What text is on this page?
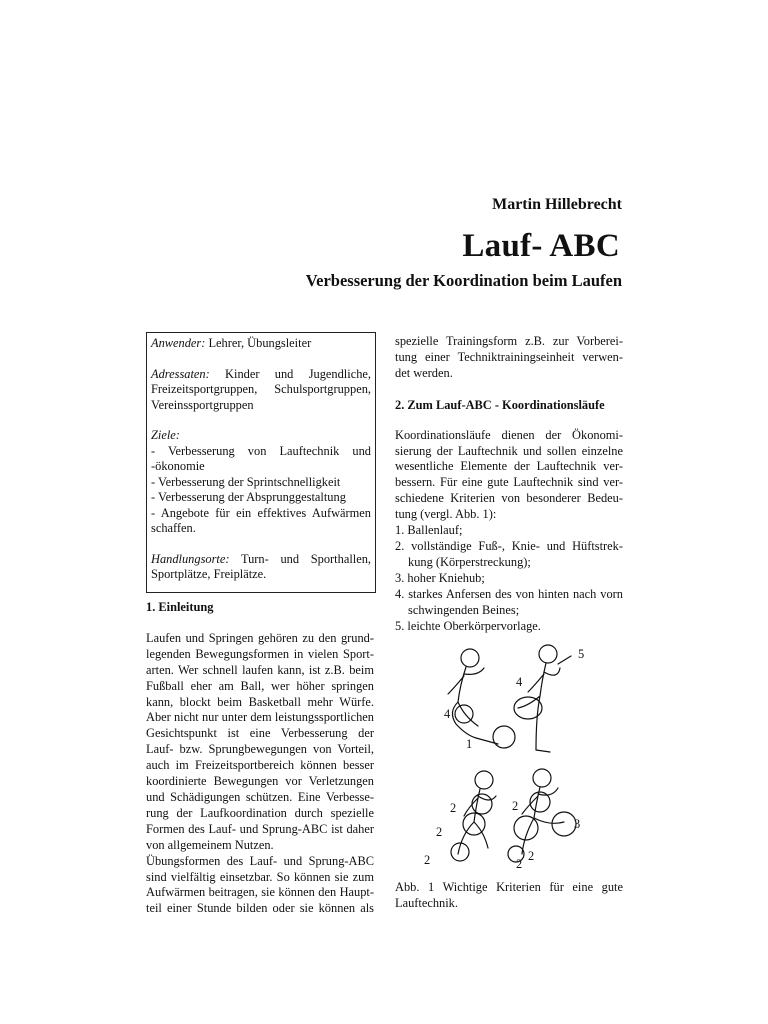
Martin Hillebrecht
Lauf- ABC
Verbesserung der Koordination beim Laufen

Anwender: Lehrer, Übungsleiter

Adressaten: Kinder und Jugendliche,
Freizeitsportgruppen, Schulsportgruppen,
Vereinssportgruppen

Ziele:
- Verbesserung von Lauftechnik und
-ökonomie
- Verbesserung der Sprintschnelligkeit
- Verbesserung der Absprunggestaltung
- Angebote für ein effektives Aufwärmen
schaffen.

Handlungsorte: Turn- und Sporthallen,
Sportplätze, Freiplätze.

1. Einleitung
Laufen und Springen gehören zu den grund-
legenden Bewegungsformen in vielen Sport-
arten. Wer schnell laufen kann, ist z.B. beim
Fußball eher am Ball, wer höher springen
kann, blockt beim Basketball mehr Würfe.
Aber nicht nur unter dem leistungssportlichen
Gesichtspunkt ist eine Verbesserung der
Lauf- bzw. Sprungbewegungen von Vorteil,
auch im Freizeitsportbereich können besser
koordinierte Bewegungen vor Verletzungen
und Schädigungen schützen. Eine Verbesse-
rung der Laufkoordination durch spezielle
Formen des Lauf- und Sprung-ABC ist daher
von allgemeinem Nutzen.
Übungsformen des Lauf- und Sprung-ABC
sind vielfältig einsetzbar. So können sie zum
Aufwärmen beitragen, sie können den Haupt-
teil einer Stunde bilden oder sie können als
spezielle Trainingsform z.B. zur Vorberei-
tung einer Techniktrainingseinheit verwen-
det werden.
2. Zum Lauf-ABC - Koordinationsläufe
Koordinationsläufe dienen der Ökonomi-
sierung der Lauftechnik und sollen einzelne
wesentliche Elemente der Lauftechnik ver-
bessern. Für eine gute Lauftechnik sind ver-
schiedene Kriterien von besonderer Bedeu-
tung (vergl. Abb. 1):
1. Ballenlauf;
2. vollständige Fuß-, Knie- und Hüftstrek-
kung (Körperstreckung);
3. hoher Kniehub;
4. starkes Anfersen des von hinten nach vorn
schwingenden Beines;
5. leichte Oberkörpervorlage.
5
4
4
1
2	2
2
2	2
2
3
Abb. 1 Wichtige Kriterien für eine gute
Lauftechnik.
